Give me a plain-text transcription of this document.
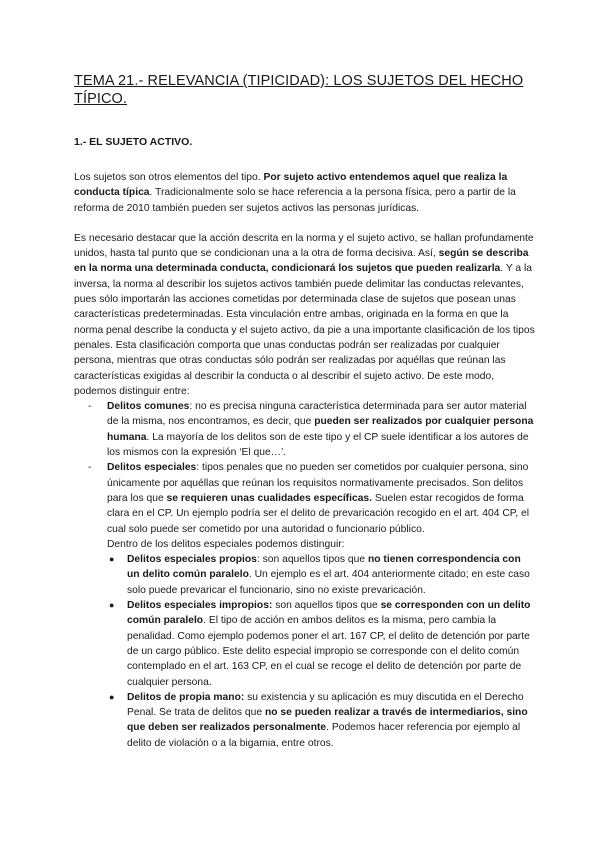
TEMA 21.- RELEVANCIA (TIPICIDAD): LOS SUJETOS DEL HECHO TÍPICO.
1.- EL SUJETO ACTIVO.

Los sujetos son otros elementos del tipo. Por sujeto activo entendemos aquel que realiza la conducta típica. Tradicionalmente solo se hace referencia a la persona física, pero a partir de la reforma de 2010 también pueden ser sujetos activos las personas jurídicas.

Es necesario destacar que la acción descrita en la norma y el sujeto activo, se hallan profundamente unidos, hasta tal punto que se condicionan una a la otra de forma decisiva. Así, según se describa en la norma una determinada conducta, condicionará los sujetos que pueden realizarla. Y a la inversa, la norma al describir los sujetos activos también puede delimitar las conductas relevantes, pues sólo importarán las acciones cometidas por determinada clase de sujetos que posean unas características predeterminadas. Esta vinculación entre ambas, originada en la forma en que la norma penal describe la conducta y el sujeto activo, da pie a una importante clasificación de los tipos penales. Esta clasificación comporta que unas conductas podrán ser realizadas por cualquier persona, mientras que otras conductas sólo podrán ser realizadas por aquéllas que reúnan las características exigidas al describir la conducta o al describir el sujeto activo. De este modo, podemos distinguir entre:

- Delitos comunes: no es precisa ninguna característica determinada para ser autor material de la misma, nos encontramos, es decir, que pueden ser realizados por cualquier persona humana. La mayoría de los delitos son de este tipo y el CP suele identificar a los autores de los mismos con la expresión ‘El que…’.
- Delitos especiales: tipos penales que no pueden ser cometidos por cualquier persona, sino únicamente por aquéllas que reúnan los requisitos normativamente precisados. Son delitos para los que se requieren unas cualidades específicas. Suelen estar recogidos de forma clara en el CP. Un ejemplo podría ser el delito de prevaricación recogido en el art. 404 CP, el cual solo puede ser cometido por una autoridad o funcionario público.
Dentro de los delitos especiales podemos distinguir:
● Delitos especiales propios: son aquellos tipos que no tienen correspondencia con un delito común paralelo. Un ejemplo es el art. 404 anteriormente citado; en este caso solo puede prevaricar el funcionario, sino no existe prevaricación.
● Delitos especiales impropios: son aquellos tipos que se corresponden con un delito común paralelo. El tipo de acción en ambos delitos es la misma, pero cambia la penalidad. Como ejemplo podemos poner el art. 167 CP, el delito de detención por parte de un cargo público. Este delito especial impropio se corresponde con el delito común contemplado en el art. 163 CP, en el cual se recoge el delito de detención por parte de cualquier persona.
● Delitos de propia mano: su existencia y su aplicación es muy discutida en el Derecho Penal. Se trata de delitos que no se pueden realizar a través de intermediarios, sino que deben ser realizados personalmente. Podemos hacer referencia por ejemplo al delito de violación o a la bigamia, entre otros.
